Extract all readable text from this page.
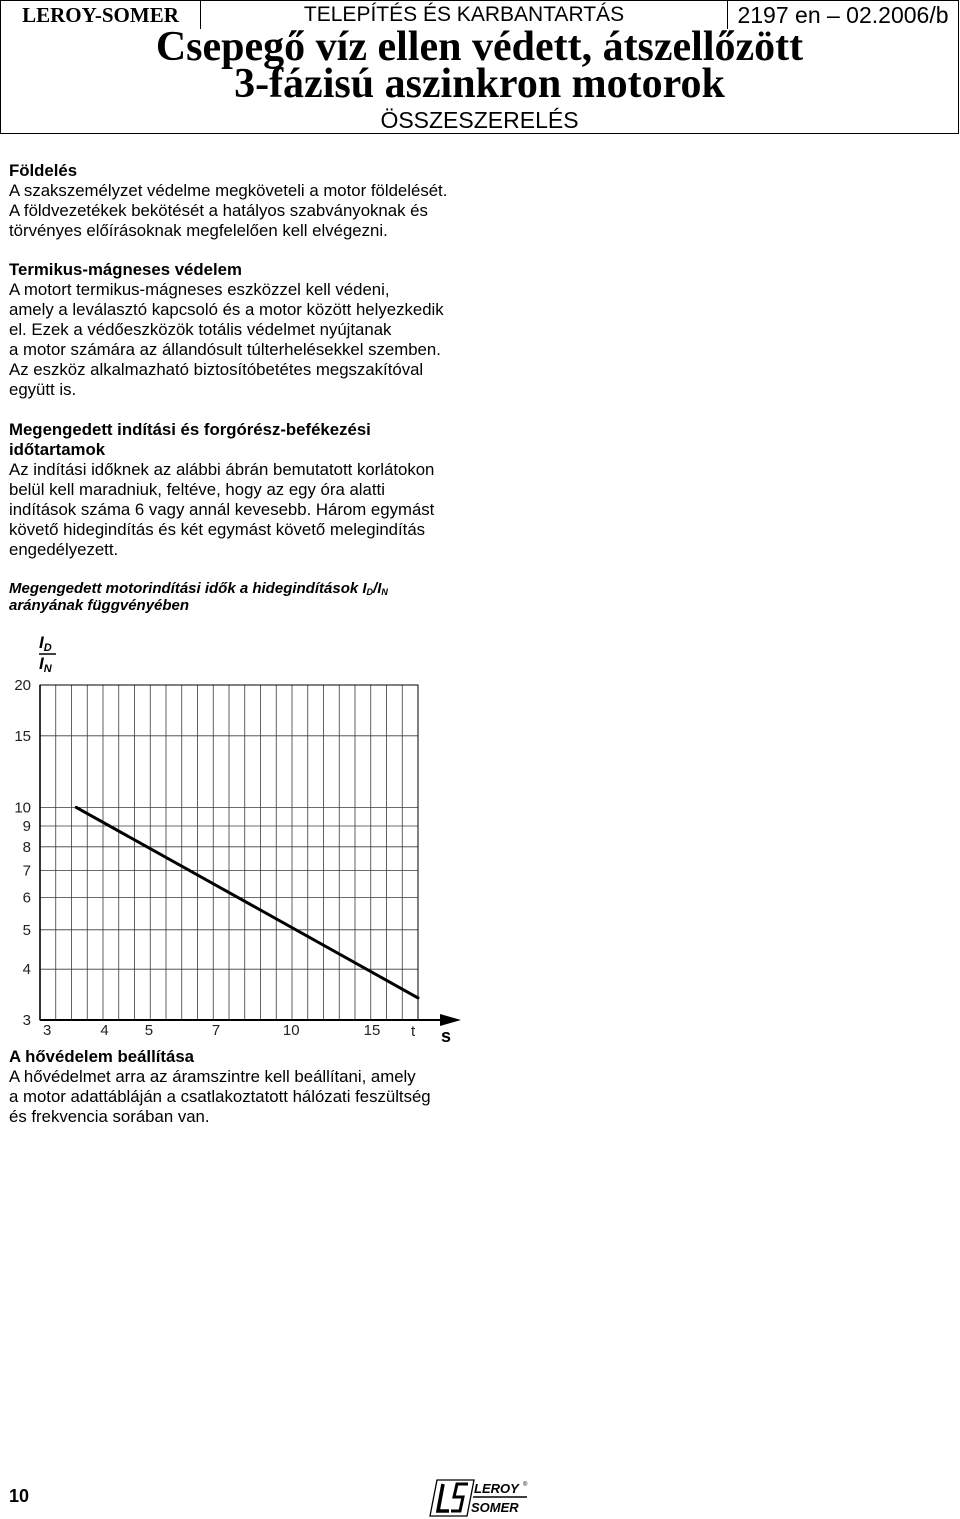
LEROY-SOMER	TELEPÍTÉS ÉS KARBANTARTÁS	2197 en – 02.2006/b
Csepegő víz ellen védett, átszellőzött
3-fázisú aszinkron motorok
ÖSSZESZERELÉS
Földelés
A szakszemélyzet védelme megköveteli a motor földelését.
A földvezetékek bekötését a hatályos szabványoknak és
törvényes előírásoknak megfelelően kell elvégezni.
Termikus-mágneses védelem
A motort termikus-mágneses eszközzel kell védeni,
amely a leválasztó kapcsoló és a motor között helyezkedik
el. Ezek a védőeszközök totális védelmet nyújtanak
a motor számára az állandósult túlterhelésekkel szemben.
Az eszköz alkalmazható biztosítóbetétes megszakítóval
együtt is.
Megengedett indítási és forgórész-befékezési
időtartamok
Az indítási időknek az alábbi ábrán bemutatott korlátokon
belül kell maradniuk, feltéve, hogy az egy óra alatti
indítások száma 6 vagy annál kevesebb. Három egymást
követő hidegindítás és két egymást követő melegindítás
engedélyezett.
Megengedett motorindítási idők a hidegindítások $I_D/I_N$
arányának függvényében
20
15
10
9
8
7
6
5
4
3
3	4 5	7	10	15
ID
IN
t s
A hővédelem beállítása
A hővédelmet arra az áramszintre kell beállítani, amely
a motor adattábláján a csatlakoztatott hálózati feszültség
és frekvencia sorában van.
10	LEROY ®
SOMER
